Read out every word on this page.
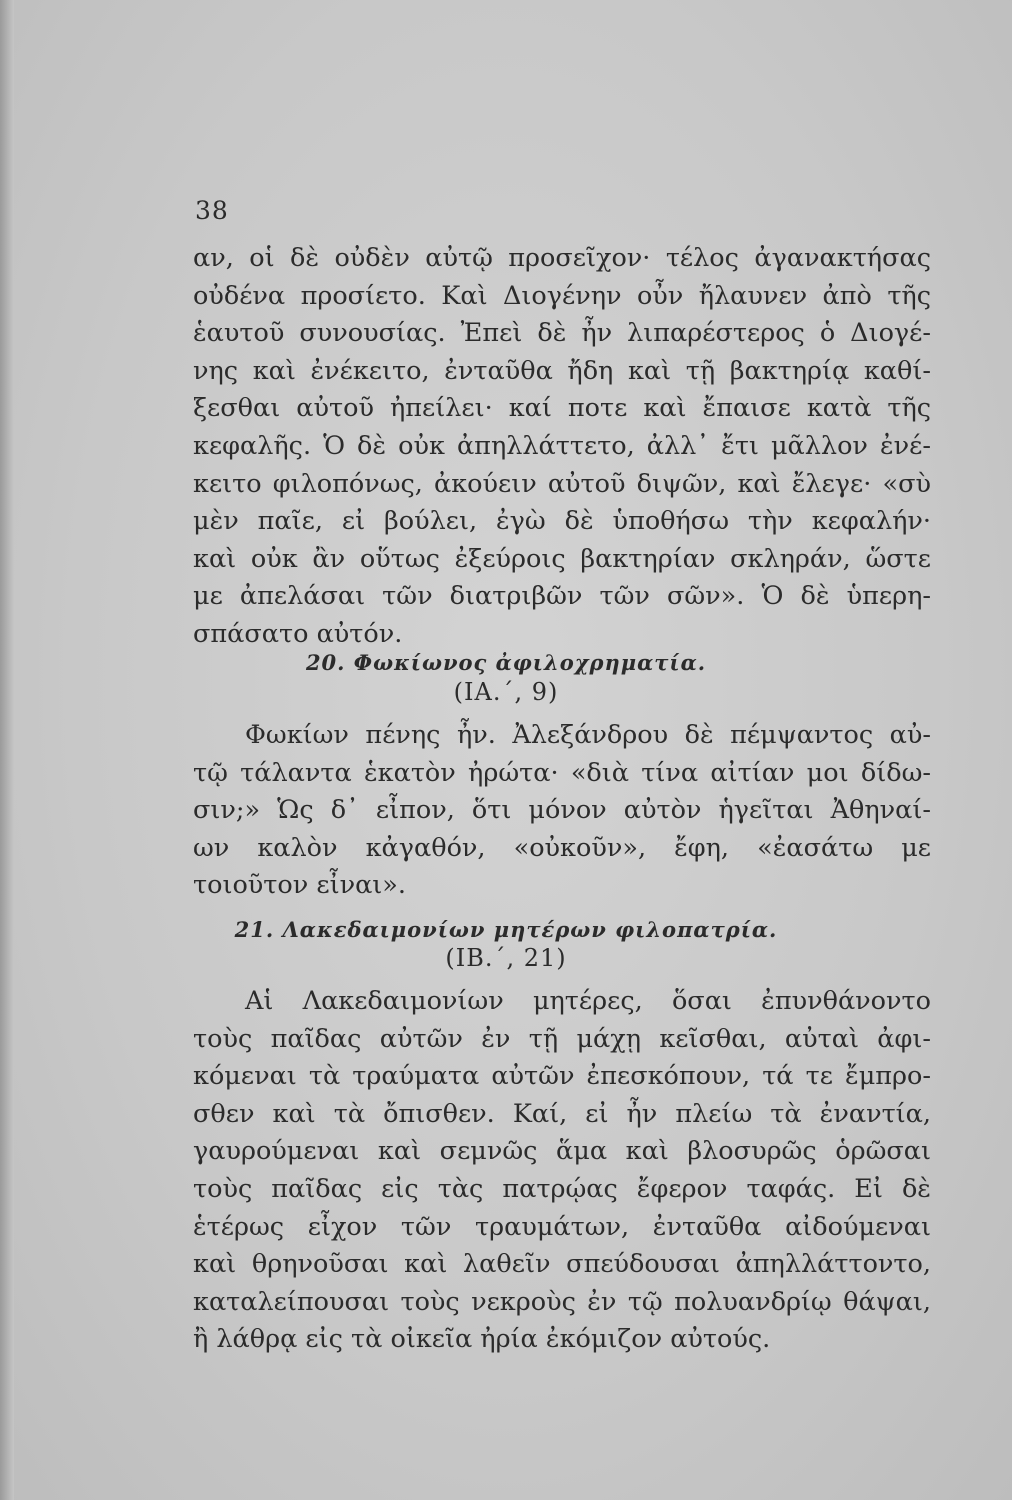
38
αν, οἱ δὲ οὐδὲν αὐτῷ προσεῖχον· τέλος ἀγανακτήσας
οὐδένα προσίετο. Καὶ Διογένην οὖν ἤλαυνεν ἀπὸ τῆς
ἑαυτοῦ συνουσίας. Ἐπεὶ δὲ ἦν λιπαρέστερος ὁ Διογέ-
νης καὶ ἐνέκειτο, ἐνταῦθα ἤδη καὶ τῇ βακτηρίᾳ καθί-
ξεσθαι αὐτοῦ ἠπείλει· καί ποτε καὶ ἔπαισε κατὰ τῆς
κεφαλῆς. Ὁ δὲ οὐκ ἀπηλλάττετο, ἀλλ᾽ ἔτι μᾶλλον ἐνέ-
κειτο φιλοπόνως, ἀκούειν αὐτοῦ διψῶν, καὶ ἔλεγε· «σὺ
μὲν παῖε, εἰ βούλει, ἐγὼ δὲ ὑποθήσω τὴν κεφαλήν·
καὶ οὐκ ἂν οὕτως ἐξεύροις βακτηρίαν σκληράν, ὥστε
με ἀπελάσαι τῶν διατριβῶν τῶν σῶν». Ὁ δὲ ὑπερη-
σπάσατο αὐτόν.
20. Φωκίωνος ἀφιλοχρηματία.
(ΙΑ.΄, 9)
Φωκίων πένης ἦν. Ἀλεξάνδρου δὲ πέμψαντος αὐ-
τῷ τάλαντα ἑκατὸν ἠρώτα· «διὰ τίνα αἰτίαν μοι δίδω-
σιν;» Ὡς δ᾽ εἶπον, ὅτι μόνον αὐτὸν ἡγεῖται Ἀθηναί-
ων καλὸν κἀγαθόν, «οὐκοῦν», ἔφη, «ἐασάτω με
τοιοῦτον εἶναι».
21. Λακεδαιμονίων μητέρων φιλοπατρία.
(ΙΒ.΄, 21)
Αἱ Λακεδαιμονίων μητέρες, ὅσαι ἐπυνθάνοντο
τοὺς παῖδας αὐτῶν ἐν τῇ μάχῃ κεῖσθαι, αὐταὶ ἀφι-
κόμεναι τὰ τραύματα αὐτῶν ἐπεσκόπουν, τά τε ἔμπρο-
σθεν καὶ τὰ ὄπισθεν. Καί, εἰ ἦν πλείω τὰ ἐναντία,
γαυρούμεναι καὶ σεμνῶς ἅμα καὶ βλοσυρῶς ὁρῶσαι
τοὺς παῖδας εἰς τὰς πατρῴας ἔφερον ταφάς. Εἰ δὲ
ἑτέρως εἶχον τῶν τραυμάτων, ἐνταῦθα αἰδούμεναι
καὶ θρηνοῦσαι καὶ λαθεῖν σπεύδουσαι ἀπηλλάττοντο,
καταλείπουσαι τοὺς νεκροὺς ἐν τῷ πολυανδρίῳ θάψαι,
ἢ λάθρᾳ εἰς τὰ οἰκεῖα ἠρία ἐκόμιζον αὐτούς.
